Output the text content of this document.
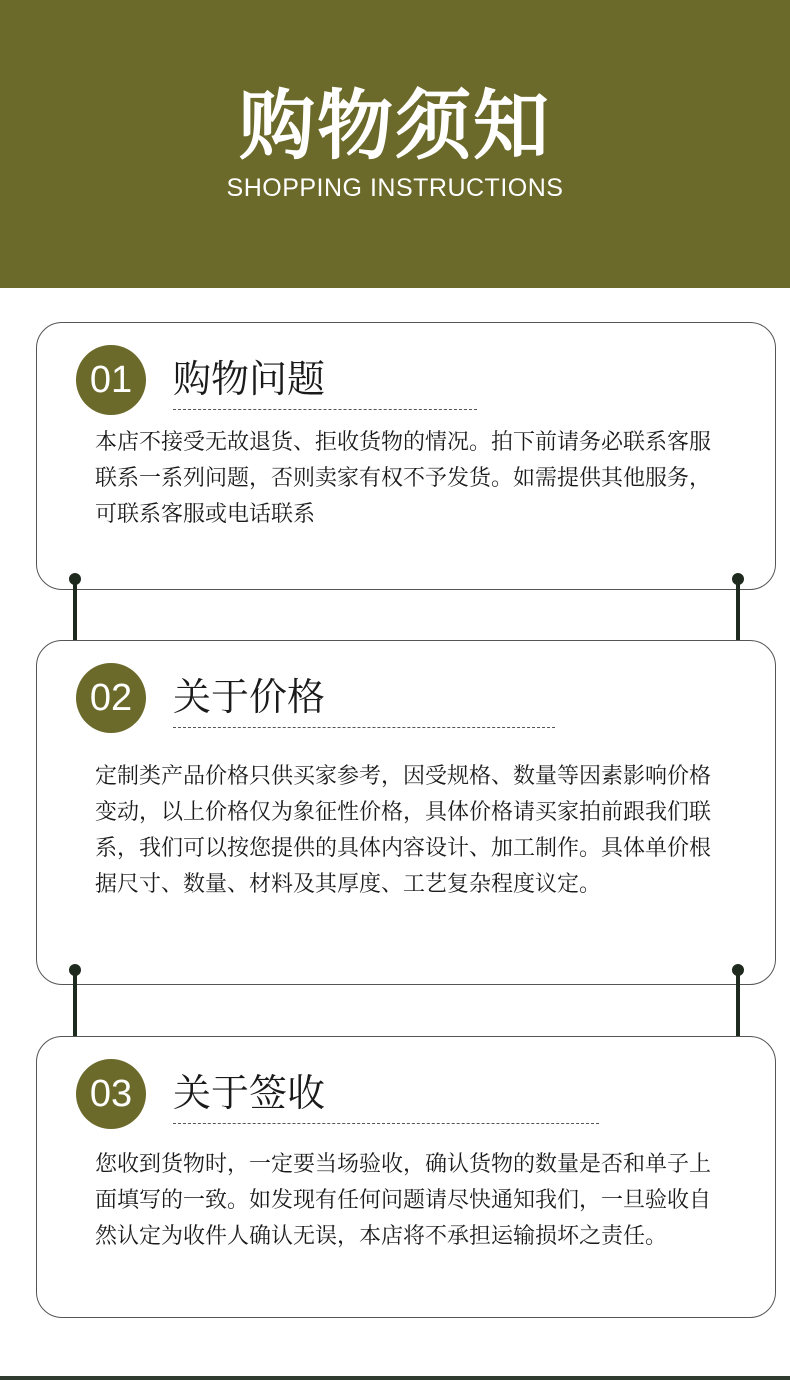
购物须知
SHOPPING INSTRUCTIONS
01	购物问题
本店不接受无故退货、拒收货物的情况。拍下前请务必联系客服联系一系列问题，否则卖家有权不予发货。如需提供其他服务，可联系客服或电话联系
02	关于价格
定制类产品价格只供买家参考，因受规格、数量等因素影响价格变动，以上价格仅为象征性价格，具体价格请买家拍前跟我们联系，我们可以按您提供的具体内容设计、加工制作。具体单价根据尺寸、数量、材料及其厚度、工艺复杂程度议定。
03	关于签收
您收到货物时，一定要当场验收，确认货物的数量是否和单子上面填写的一致。如发现有任何问题请尽快通知我们，一旦验收自然认定为收件人确认无误，本店将不承担运输损坏之责任。
